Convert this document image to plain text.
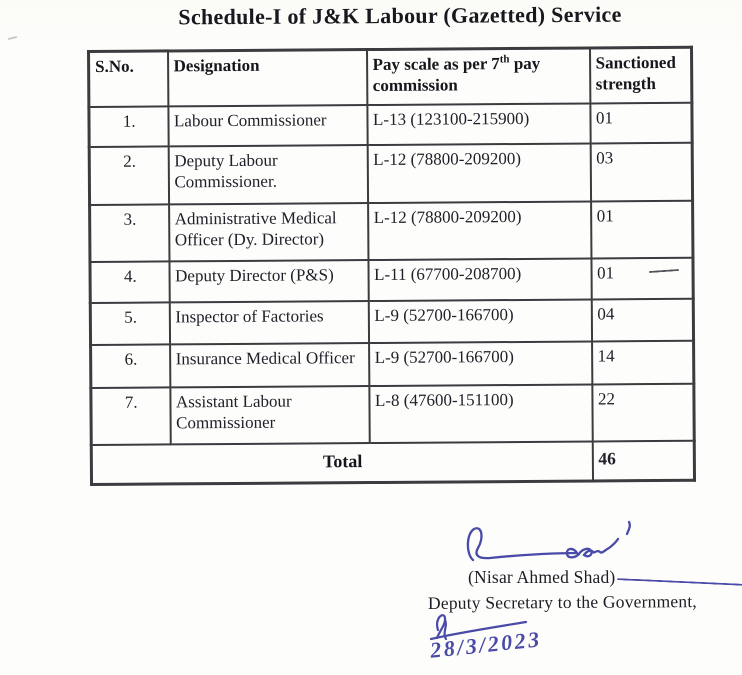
Schedule-I of J&K Labour (Gazetted) Service
S.No.	Designation	Pay scale as per 7th pay commission	Sanctioned strength
1.	Labour Commissioner	L-13 (123100-215900)	01
2.	Deputy Labour Commissioner.	L-12 (78800-209200)	03
3.	Administrative Medical Officer (Dy. Director)	L-12 (78800-209200)	01
4.	Deputy Director (P&S)	L-11 (67700-208700)	01
5.	Inspector of Factories	L-9 (52700-166700)	04
6.	Insurance Medical Officer	L-9 (52700-166700)	14
7.	Assistant Labour Commissioner	L-8 (47600-151100)	22
Total			46
(Nisar Ahmed Shad)
Deputy Secretary to the Government,
28/3/2023
